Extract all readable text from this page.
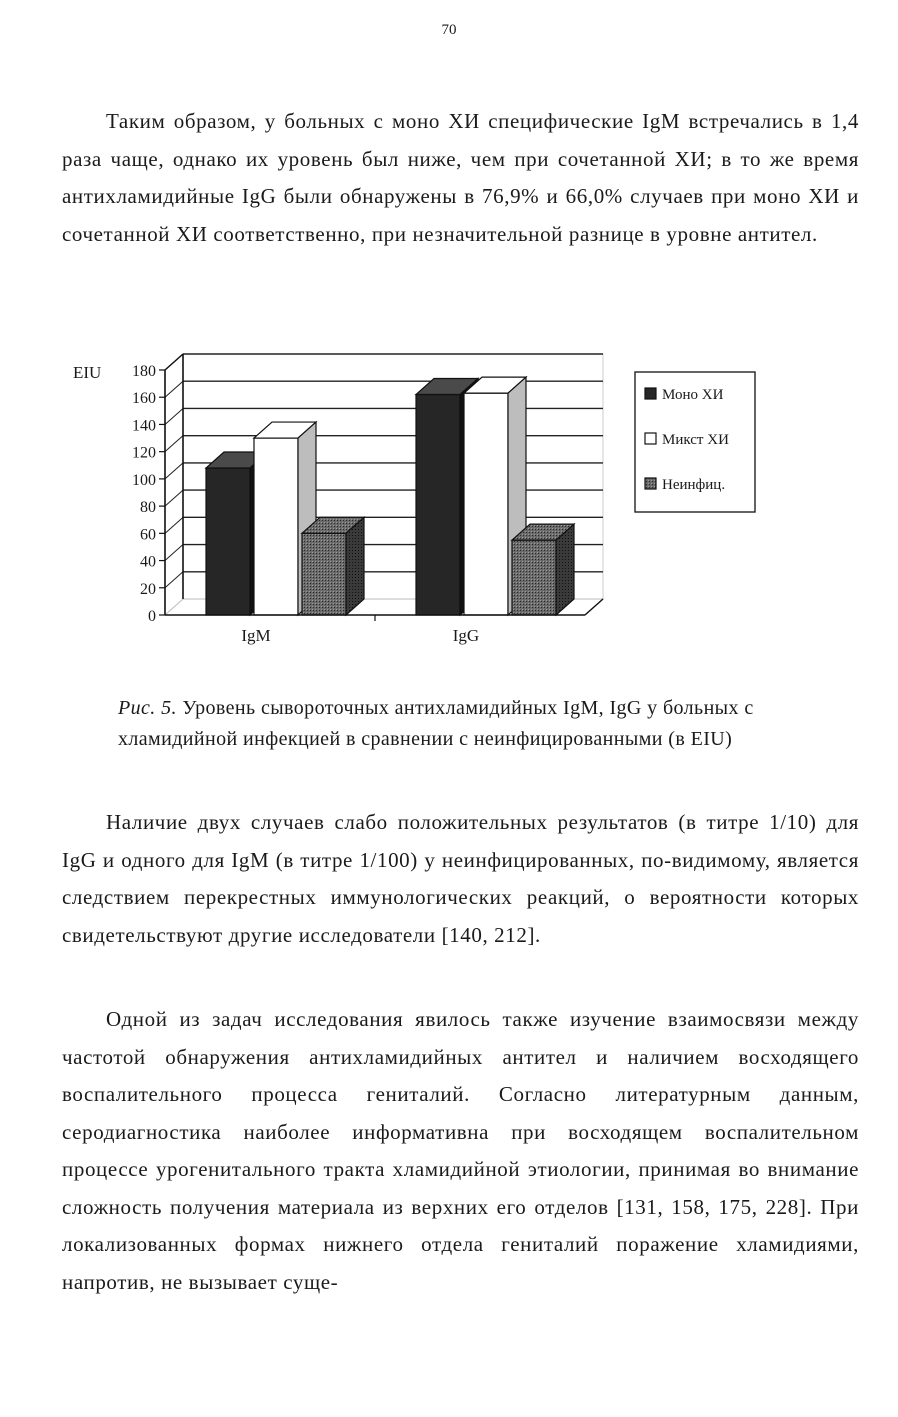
70

Таким образом, у больных с моно ХИ специфические IgM встречались в 1,4 раза чаще, однако их уровень был ниже, чем при сочетанной ХИ; в то же время антихламидийные IgG были обнаружены в 76,9% и 66,0% случаев при моно ХИ и сочетанной ХИ соответственно, при незначительной разнице в уровне антител.

IgM	IgG
0
20
40
60
80
100
120
140
160
180
EIU
Моно ХИ
Микст ХИ
Неинфиц.

Рис. 5. Уровень сывороточных антихламидийных IgM, IgG у больных с хламидийной инфекцией в сравнении с неинфицированными (в EIU)

Наличие двух случаев слабо положительных результатов (в титре 1/10) для IgG и одного для IgM (в титре 1/100) у неинфицированных, по-видимому, является следствием перекрестных иммунологических реакций, о вероятности которых свидетельствуют другие исследователи [140, 212].

Одной из задач исследования явилось также изучение взаимосвязи между частотой обнаружения антихламидийных антител и наличием восходящего воспалительного процесса гениталий. Согласно литературным данным, серодиагностика наиболее информативна при восходящем воспалительном процессе урогенитального тракта хламидийной этиологии, принимая во внимание сложность получения материала из верхних его отделов [131, 158, 175, 228]. При локализованных формах нижнего отдела гениталий поражение хламидиями, напротив, не вызывает суще-
